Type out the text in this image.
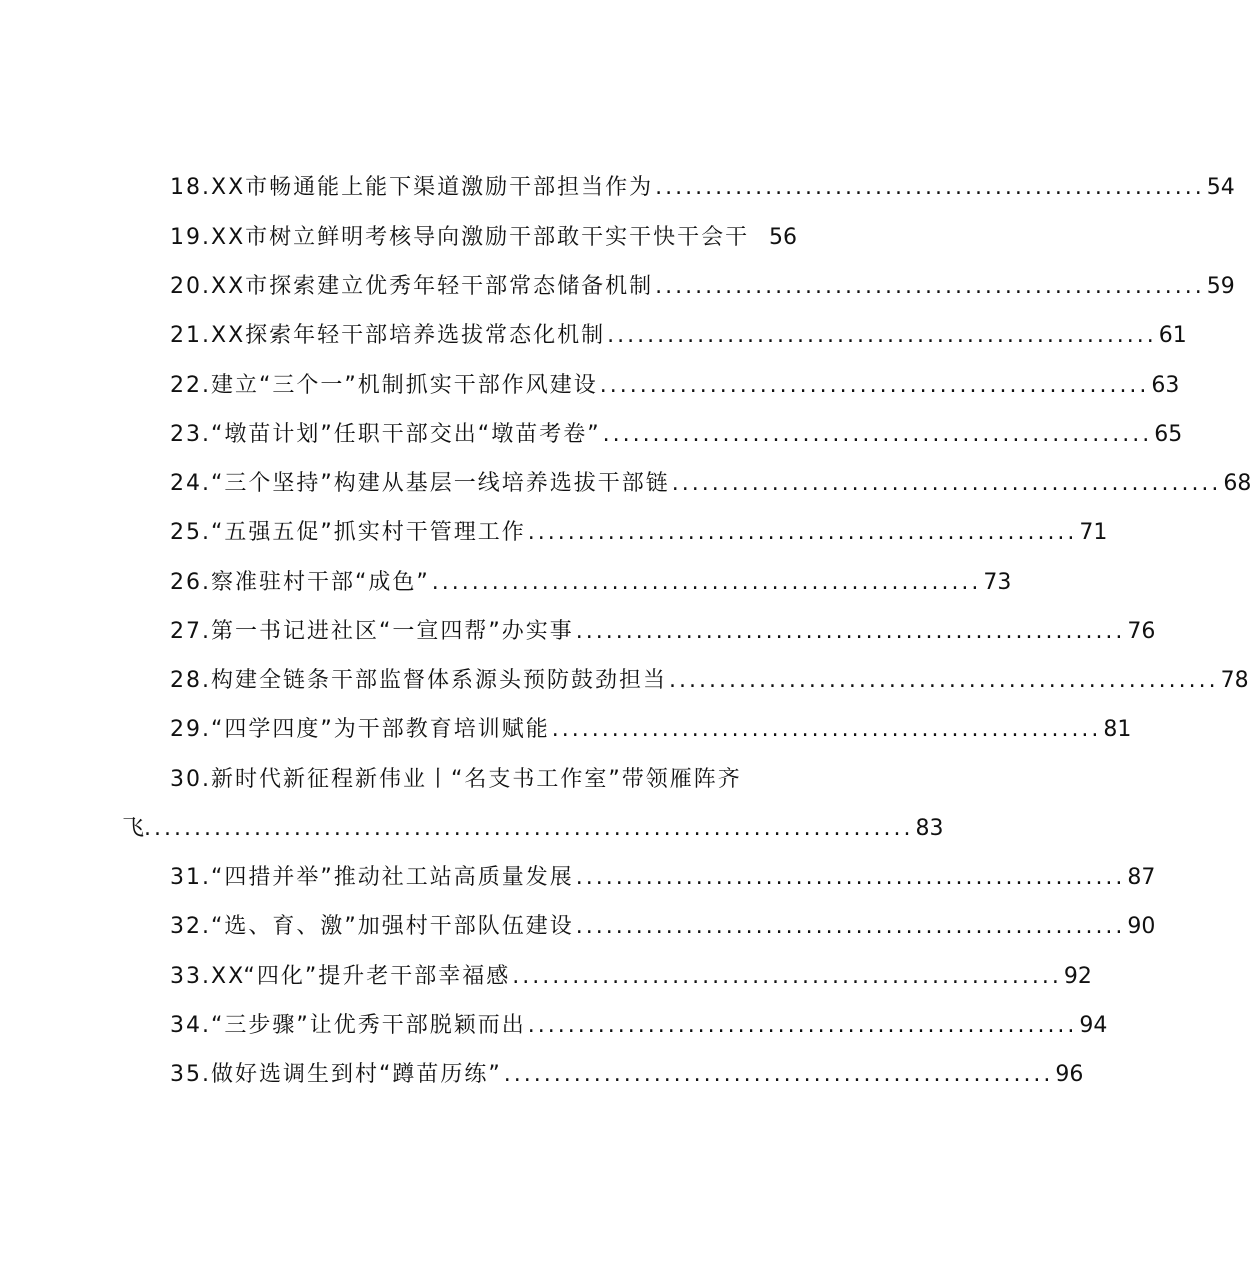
18. XX市畅通能上能下渠道激励干部担当作为 ....................................................... 54
19. XX市树立鲜明考核导向激励干部敢干实干快干会干 56
20. XX市探索建立优秀年轻干部常态储备机制 ....................................................... 59
21. XX探索年轻干部培养选拔常态化机制 ....................................................... 61
22. 建立“三个一”机制抓实干部作风建设 ....................................................... 63
23. “墩苗计划”任职干部交出“墩苗考卷” ....................................................... 65
24. “三个坚持”构建从基层一线培养选拔干部链 ....................................................... 68
25. “五强五促”抓实村干管理工作 ....................................................... 71
26. 察准驻村干部“成色” ....................................................... 73
27. 第一书记进社区“一宣四帮”办实事 ....................................................... 76
28. 构建全链条干部监督体系源头预防鼓劲担当 ....................................................... 78
29. “四学四度”为干部教育培训赋能 ....................................................... 81
30. 新时代新征程新伟业丨“名支书工作室”带领雁阵齐
飞 ............................................................................. 83
31. “四措并举”推动社工站高质量发展 ....................................................... 87
32. “选、育、激”加强村干部队伍建设 ....................................................... 90
33. XX“四化”提升老干部幸福感 ....................................................... 92
34. “三步骤”让优秀干部脱颖而出 ....................................................... 94
35. 做好选调生到村“蹲苗历练” ....................................................... 96
